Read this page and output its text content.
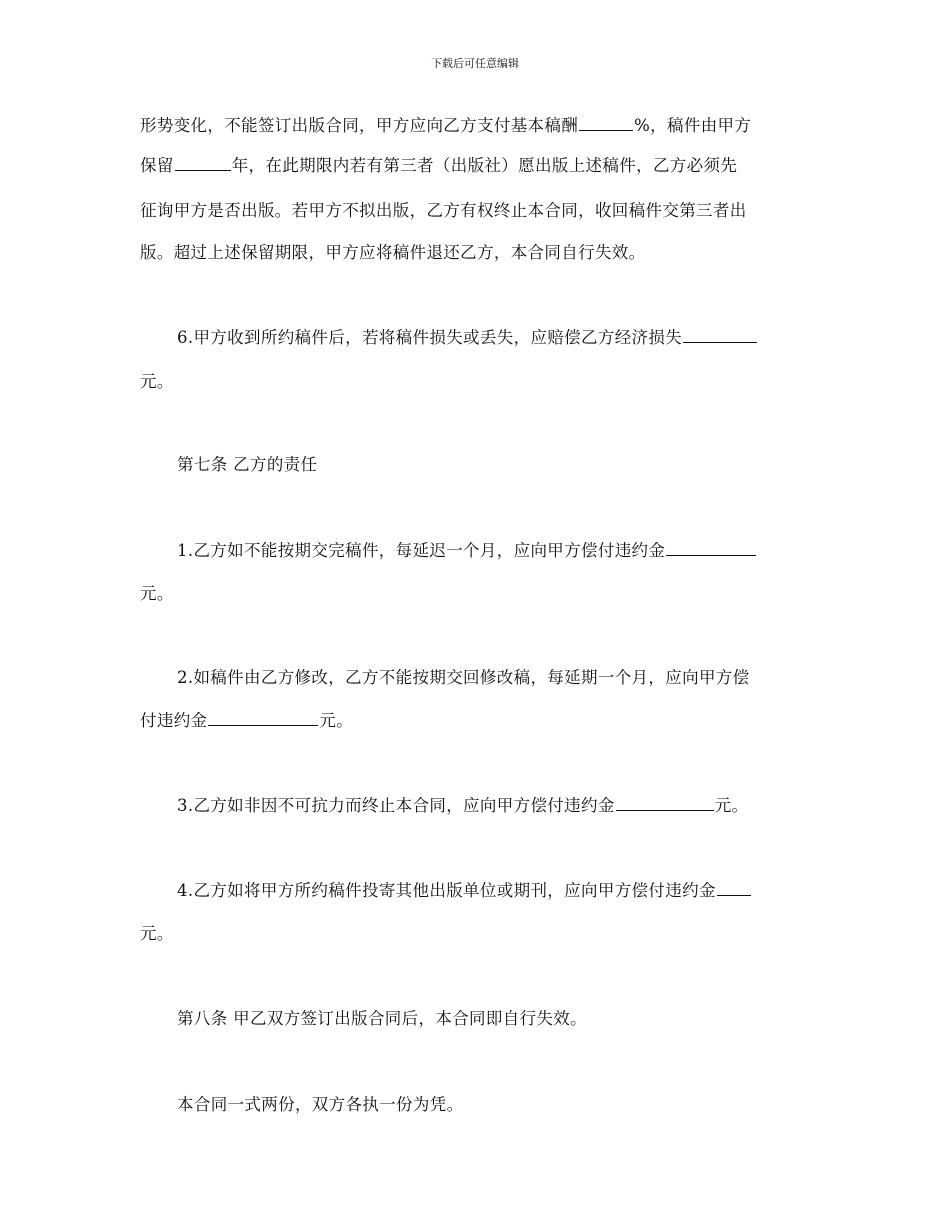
下载后可任意编辑
形势变化，不能签订出版合同，甲方应向乙方支付基本稿酬	%，稿件由甲方
保留	年，在此期限内若有第三者（出版社）愿出版上述稿件，乙方必须先
征询甲方是否出版。若甲方不拟出版，乙方有权终止本合同，收回稿件交第三者出
版。超过上述保留期限，甲方应将稿件退还乙方，本合同自行失效。
6.甲方收到所约稿件后，若将稿件损失或丢失，应赔偿乙方经济损失
元。
第七条 乙方的责任
1.乙方如不能按期交完稿件，每延迟一个月，应向甲方偿付违约金
元。
2.如稿件由乙方修改，乙方不能按期交回修改稿，每延期一个月，应向甲方偿
付违约金	元。
3.乙方如非因不可抗力而终止本合同，应向甲方偿付违约金	元。
4.乙方如将甲方所约稿件投寄其他出版单位或期刊，应向甲方偿付违约金
元。
第八条 甲乙双方签订出版合同后，本合同即自行失效。
本合同一式两份，双方各执一份为凭。
